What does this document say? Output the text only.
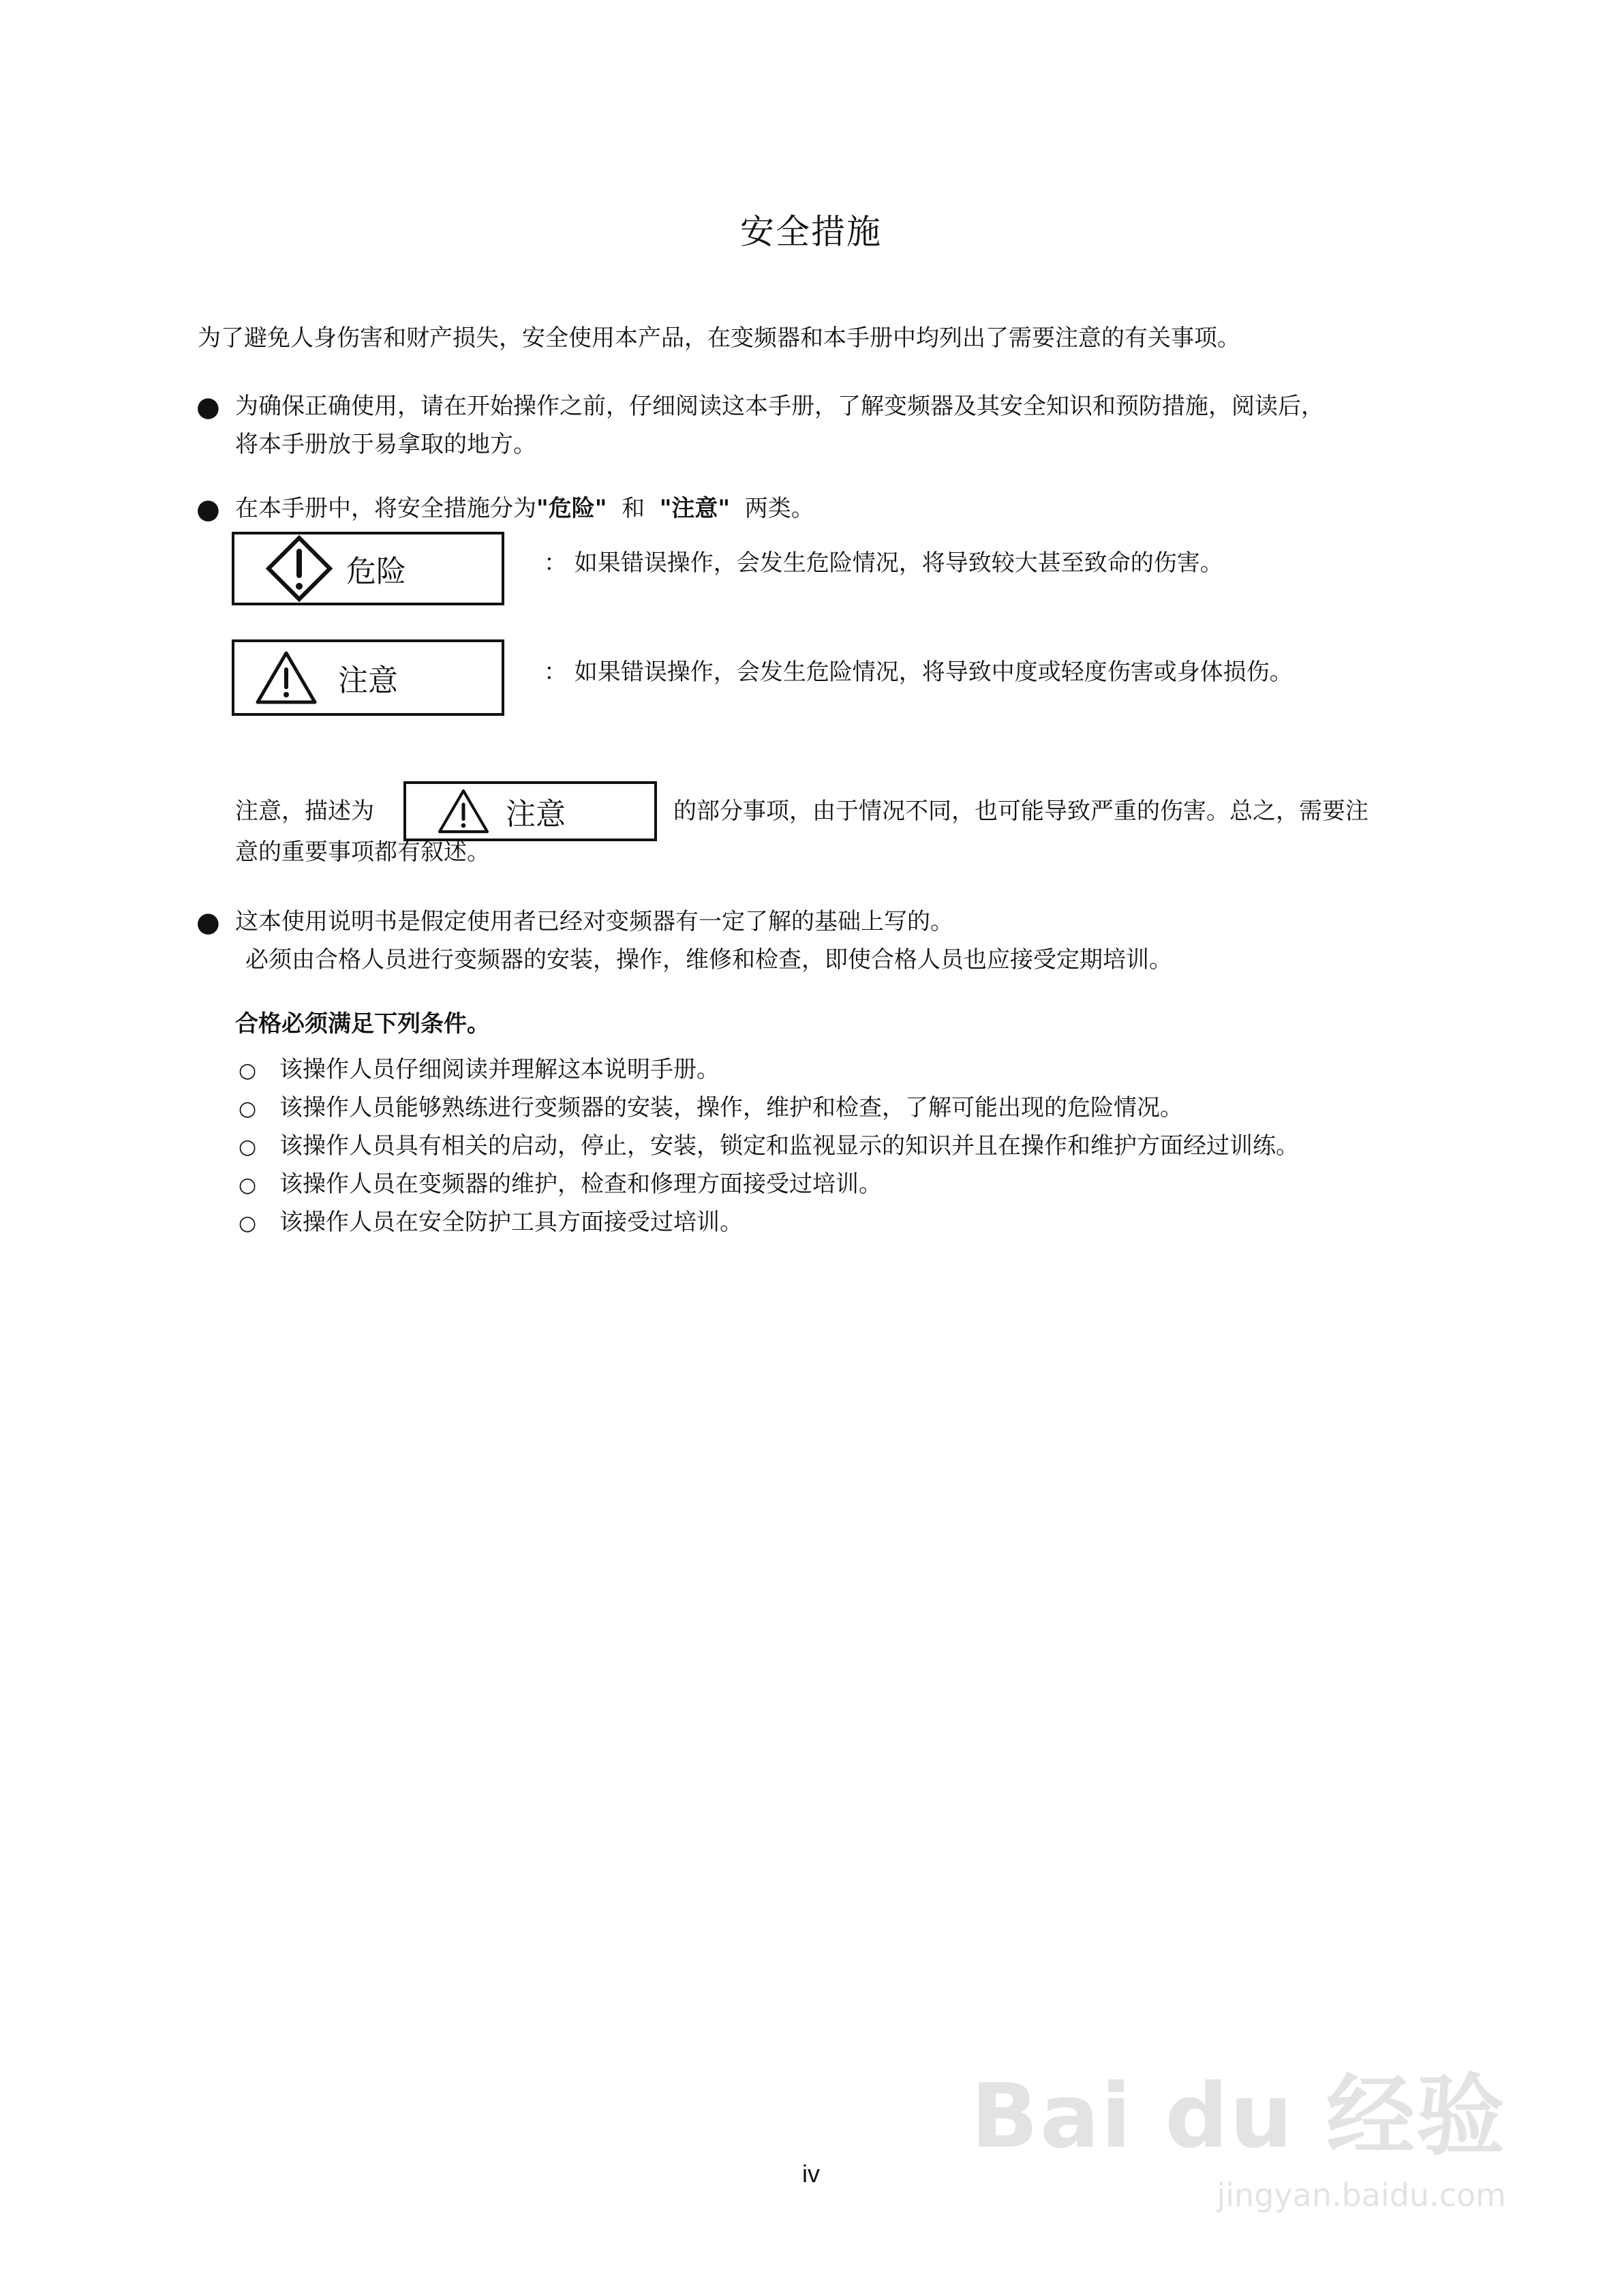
安全措施
为了避免人身伤害和财产损失，安全使用本产品，在变频器和本手册中均列出了需要注意的有关事项。
● 为确保正确使用，请在开始操作之前，仔细阅读这本手册，了解变频器及其安全知识和预防措施，阅读后，
将本手册放于易拿取的地方。
● 在本手册中，将安全措施分为"危险" 和 "注意" 两类。
危险	： 如果错误操作，会发生危险情况，将导致较大甚至致命的伤害。
注意	： 如果错误操作，会发生危险情况，将导致中度或轻度伤害或身体损伤。
注意，描述为	注意	的部分事项，由于情况不同，也可能导致严重的伤害。总之，需要注
意的重要事项都有叙述。
● 这本使用说明书是假定使用者已经对变频器有一定了解的基础上写的。
必须由合格人员进行变频器的安装，操作，维修和检查，即使合格人员也应接受定期培训。
合格必须满足下列条件。
○ 该操作人员仔细阅读并理解这本说明手册。
○ 该操作人员能够熟练进行变频器的安装，操作，维护和检查，了解可能出现的危险情况。
○ 该操作人员具有相关的启动，停止，安装，锁定和监视显示的知识并且在操作和维护方面经过训练。
○ 该操作人员在变频器的维护，检查和修理方面接受过培训。
○ 该操作人员在安全防护工具方面接受过培训。
iv
Bai du 经验
jingyan.baidu.com
